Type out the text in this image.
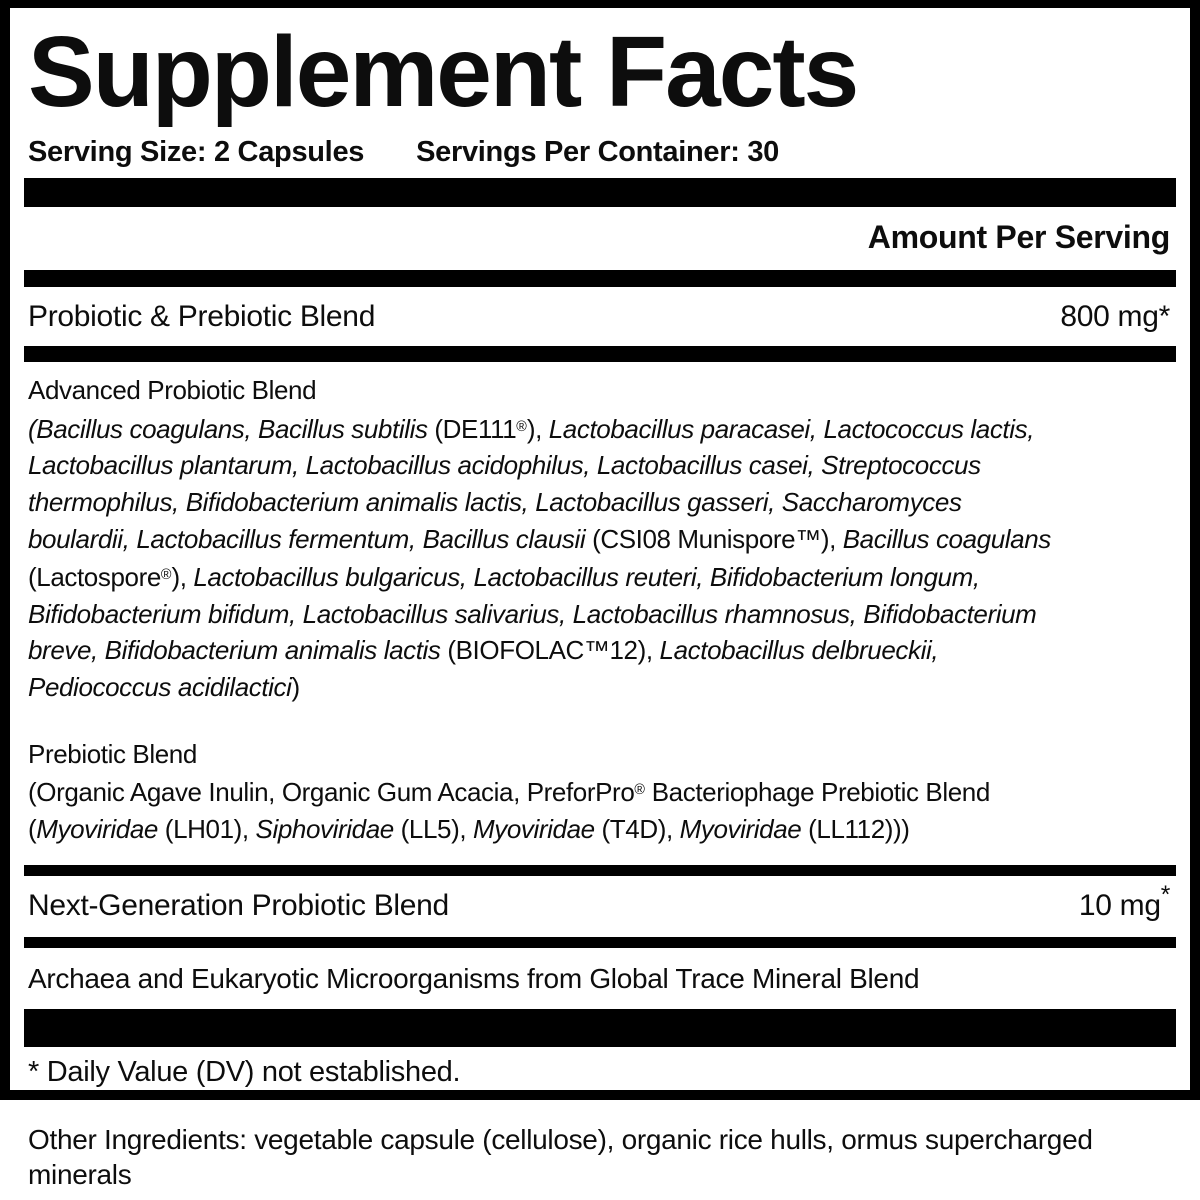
Supplement Facts
Serving Size: 2 Capsules Servings Per Container: 30
Amount Per Serving
Probiotic & Prebiotic Blend	800 mg*
Advanced Probiotic Blend
(Bacillus coagulans, Bacillus subtilis (DE111®), Lactobacillus paracasei, Lactococcus lactis,
Lactobacillus plantarum, Lactobacillus acidophilus, Lactobacillus casei, Streptococcus
thermophilus, Bifidobacterium animalis lactis, Lactobacillus gasseri, Saccharomyces
boulardii, Lactobacillus fermentum, Bacillus clausii (CSI08 Munispore™), Bacillus coagulans
(Lactospore®), Lactobacillus bulgaricus, Lactobacillus reuteri, Bifidobacterium longum,
Bifidobacterium bifidum, Lactobacillus salivarius, Lactobacillus rhamnosus, Bifidobacterium
breve, Bifidobacterium animalis lactis (BIOFOLAC™12), Lactobacillus delbrueckii,
Pediococcus acidilactici)
Prebiotic Blend
(Organic Agave Inulin, Organic Gum Acacia, PreforPro® Bacteriophage Prebiotic Blend
(Myoviridae (LH01), Siphoviridae (LL5), Myoviridae (T4D), Myoviridae (LL112)))
Next-Generation Probiotic Blend	10 mg*
Archaea and Eukaryotic Microorganisms from Global Trace Mineral Blend
* Daily Value (DV) not established.
Other Ingredients: vegetable capsule (cellulose), organic rice hulls, ormus supercharged minerals
